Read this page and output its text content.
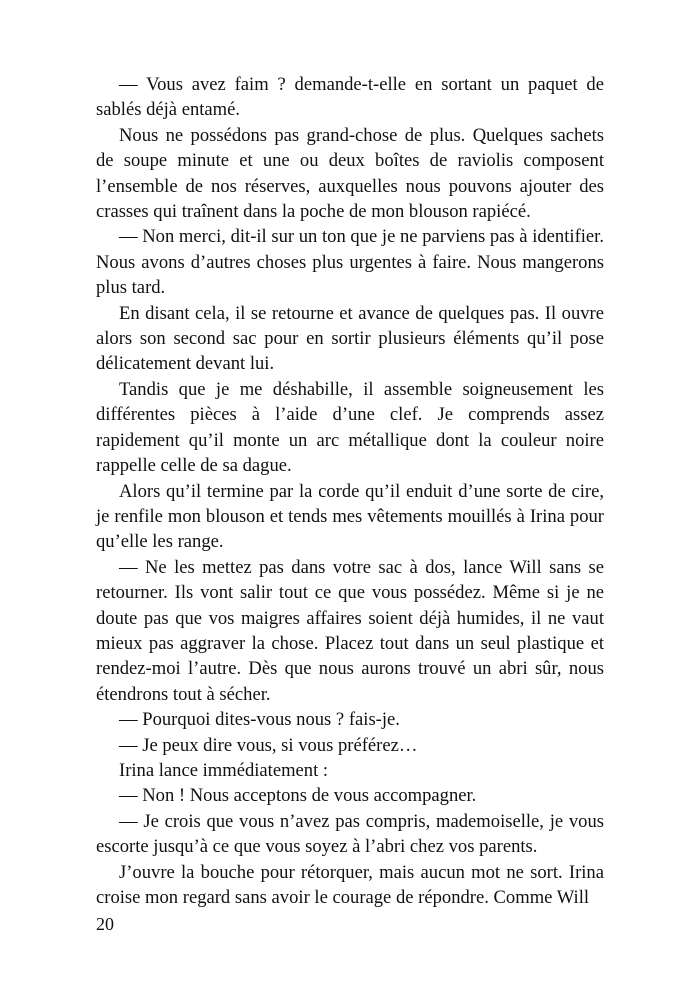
— Vous avez faim ? demande-t-elle en sortant un paquet de sablés déjà entamé.

Nous ne possédons pas grand-chose de plus. Quelques sachets de soupe minute et une ou deux boîtes de raviolis composent l’ensemble de nos réserves, auxquelles nous pouvons ajouter des crasses qui traînent dans la poche de mon blouson rapiécé.

— Non merci, dit-il sur un ton que je ne parviens pas à identifier. Nous avons d’autres choses plus urgentes à faire. Nous mangerons plus tard.

En disant cela, il se retourne et avance de quelques pas. Il ouvre alors son second sac pour en sortir plusieurs éléments qu’il pose délicatement devant lui.

Tandis que je me déshabille, il assemble soigneusement les différentes pièces à l’aide d’une clef. Je comprends assez rapidement qu’il monte un arc métallique dont la couleur noire rappelle celle de sa dague.

Alors qu’il termine par la corde qu’il enduit d’une sorte de cire, je renfile mon blouson et tends mes vêtements mouillés à Irina pour qu’elle les range.

— Ne les mettez pas dans votre sac à dos, lance Will sans se retourner. Ils vont salir tout ce que vous possédez. Même si je ne doute pas que vos maigres affaires soient déjà humides, il ne vaut mieux pas aggraver la chose. Placez tout dans un seul plastique et rendez-moi l’autre. Dès que nous aurons trouvé un abri sûr, nous étendrons tout à sécher.

— Pourquoi dites-vous nous ? fais-je.

— Je peux dire vous, si vous préférez…

Irina lance immédiatement :

— Non ! Nous acceptons de vous accompagner.

— Je crois que vous n’avez pas compris, mademoiselle, je vous escorte jusqu’à ce que vous soyez à l’abri chez vos parents.

J’ouvre la bouche pour rétorquer, mais aucun mot ne sort. Irina croise mon regard sans avoir le courage de répondre. Comme Will

20
